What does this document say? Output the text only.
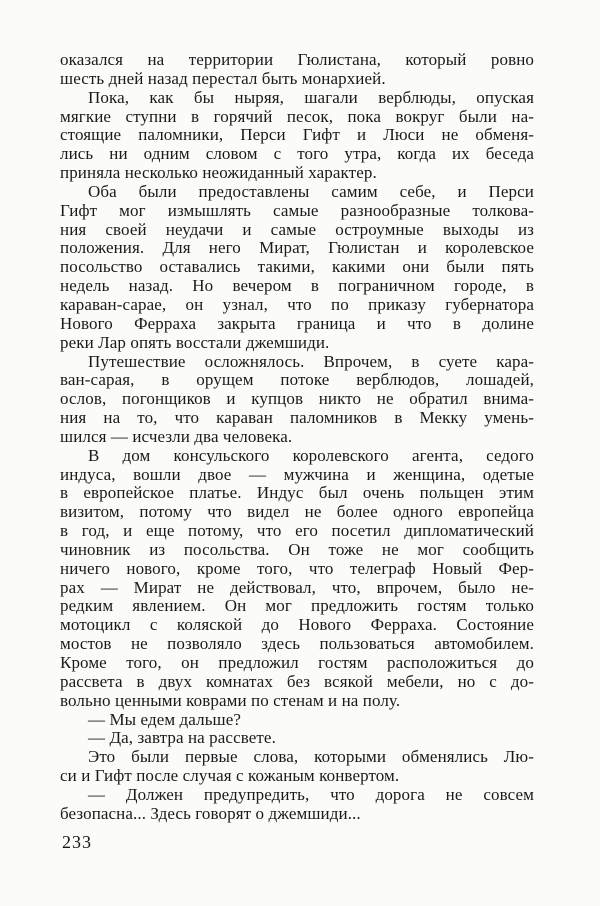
оказался на территории Гюлистана, который ровно
шесть дней назад перестал быть монархией.
Пока, как бы ныряя, шагали верблюды, опуская
мягкие ступни в горячий песок, пока вокруг были на-
стоящие паломники, Перси Гифт и Люси не обменя-
лись ни одним словом с того утра, когда их беседа
приняла несколько неожиданный характер.
Оба были предоставлены самим себе, и Перси
Гифт мог измышлять самые разнообразные толкова-
ния своей неудачи и самые остроумные выходы из
положения. Для него Мират, Гюлистан и королевское
посольство оставались такими, какими они были пять
недель назад. Но вечером в пограничном городе, в
караван-сарае, он узнал, что по приказу губернатора
Нового Ферраха закрыта граница и что в долине
реки Лар опять восстали джемшиди.
Путешествие осложнялось. Впрочем, в суете кара-
ван-сарая, в орущем потоке верблюдов, лошадей,
ослов, погонщиков и купцов никто не обратил внима-
ния на то, что караван паломников в Мекку умень-
шился — исчезли два человека.
В дом консульского королевского агента, седого
индуса, вошли двое — мужчина и женщина, одетые
в европейское платье. Индус был очень польщен этим
визитом, потому что видел не более одного европейца
в год, и еще потому, что его посетил дипломатический
чиновник из посольства. Он тоже не мог сообщить
ничего нового, кроме того, что телеграф Новый Фер-
рах — Мират не действовал, что, впрочем, было не-
редким явлением. Он мог предложить гостям только
мотоцикл с коляской до Нового Ферраха. Состояние
мостов не позволяло здесь пользоваться автомобилем.
Кроме того, он предложил гостям расположиться до
рассвета в двух комнатах без всякой мебели, но с до-
вольно ценными коврами по стенам и на полу.
— Мы едем дальше?
— Да, завтра на рассвете.
Это были первые слова, которыми обменялись Лю-
си и Гифт после случая с кожаным конвертом.
— Должен предупредить, что дорога не совсем
безопасна... Здесь говорят о джемшиди...
233
